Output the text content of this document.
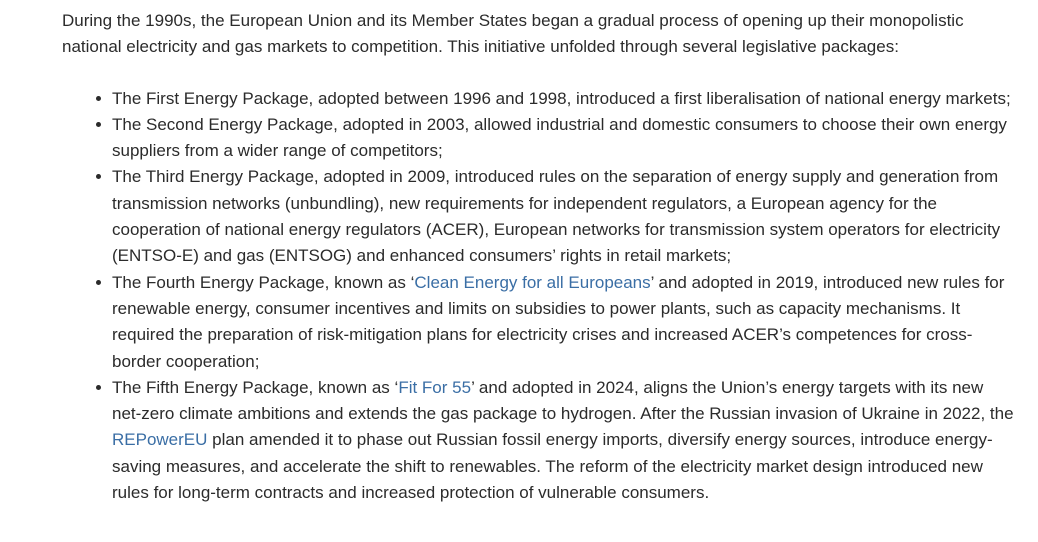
During the 1990s, the European Union and its Member States began a gradual process of opening up their monopolistic national electricity and gas markets to competition. This initiative unfolded through several legislative packages:

The First Energy Package, adopted between 1996 and 1998, introduced a first liberalisation of national energy markets;
The Second Energy Package, adopted in 2003, allowed industrial and domestic consumers to choose their own energy suppliers from a wider range of competitors;
The Third Energy Package, adopted in 2009, introduced rules on the separation of energy supply and generation from transmission networks (unbundling), new requirements for independent regulators, a European agency for the cooperation of national energy regulators (ACER), European networks for transmission system operators for electricity (ENTSO-E) and gas (ENTSOG) and enhanced consumers’ rights in retail markets;
The Fourth Energy Package, known as ‘Clean Energy for all Europeans’ and adopted in 2019, introduced new rules for renewable energy, consumer incentives and limits on subsidies to power plants, such as capacity mechanisms. It required the preparation of risk-mitigation plans for electricity crises and increased ACER’s competences for cross-border cooperation;
The Fifth Energy Package, known as ‘Fit For 55’ and adopted in 2024, aligns the Union’s energy targets with its new net-zero climate ambitions and extends the gas package to hydrogen. After the Russian invasion of Ukraine in 2022, the REPowerEU plan amended it to phase out Russian fossil energy imports, diversify energy sources, introduce energy-saving measures, and accelerate the shift to renewables. The reform of the electricity market design introduced new rules for long-term contracts and increased protection of vulnerable consumers.
